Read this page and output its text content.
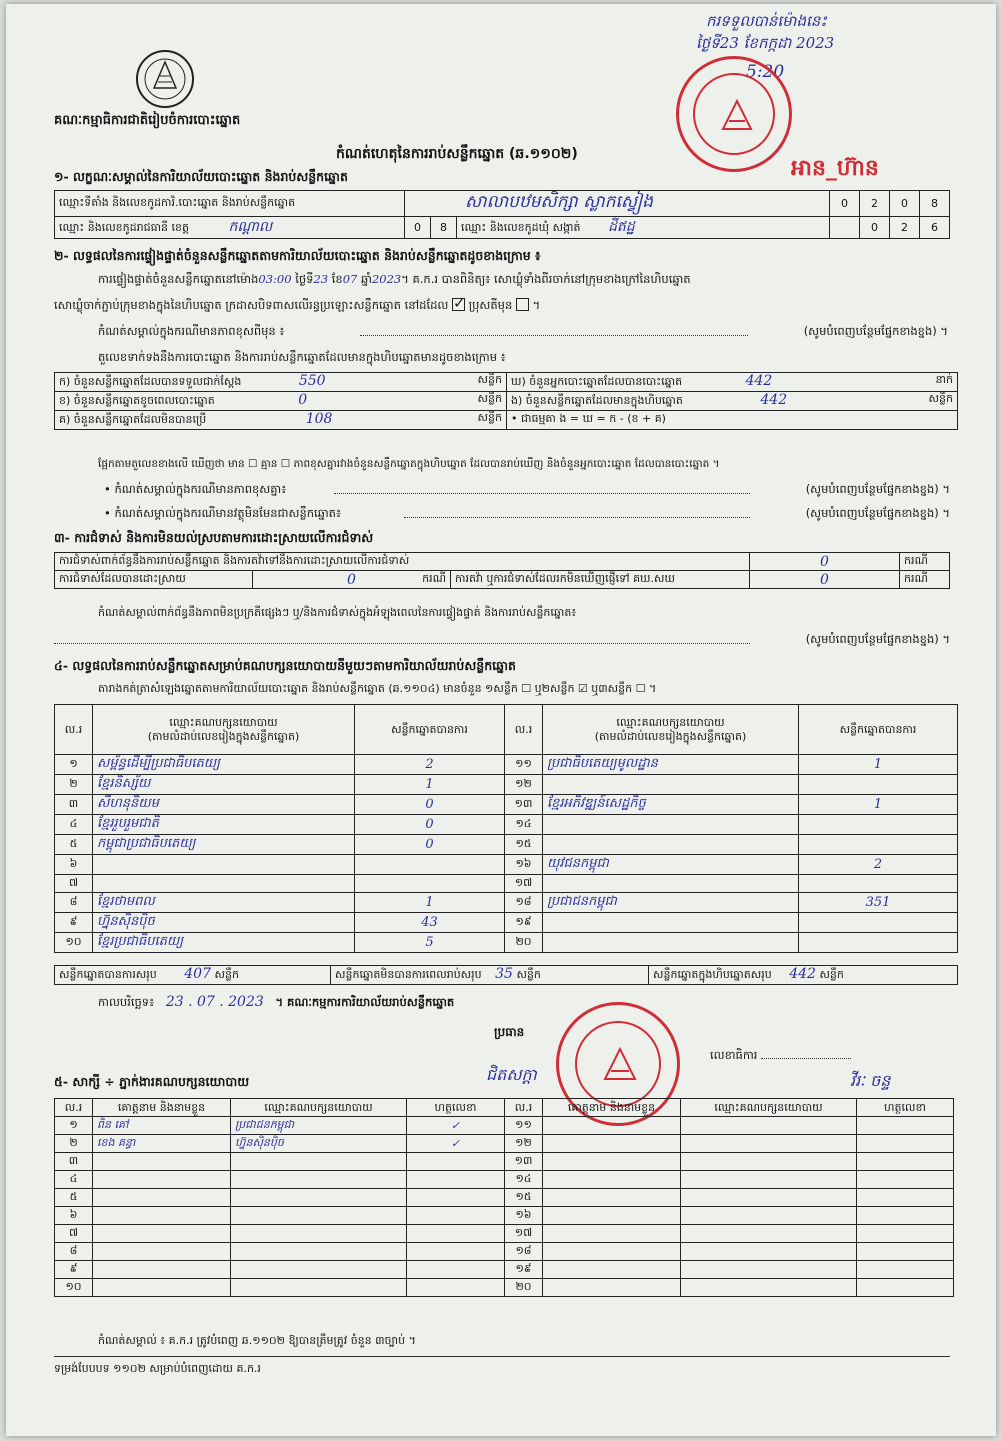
គណៈកម្មាធិការជាតិរៀបចំការបោះឆ្នោត
ករទទួលបាន់ម៉ោងនេះ
ថ្ងៃទី23 ខែកក្កដា 2023
5:20
អាន_ហ៊ាន
កំណត់ហេតុនៃការរាប់សន្លឹកឆ្នោត (ឆ.១១០២)
១- លក្ខណៈសម្គាល់នៃការិយាល័យបោះឆ្នោត និងរាប់សន្លឹកឆ្នោត
ឈ្មោះទីតាំង និងលេខកូដការិ.បោះឆ្នោត និងរាប់សន្លឹកឆ្នោត	សាលាបឋមសិក្សា ស្លាកស្វៀង			0	2	0	8
ឈ្មោះ និងលេខកូដរាជធានី ខេត្ត កណ្តាល	0	8	ឈ្មោះ និងលេខកូដឃុំ សង្កាត់ ដីឥដ្ឋ		0	2	6
២- លទ្ធផលនៃការផ្ទៀងផ្ទាត់ចំនួនសន្លឹកឆ្នោតតាមការិយាល័យបោះឆ្នោត និងរាប់សន្លឹកឆ្នោតដូចខាងក្រោម ៖
ការផ្ទៀងផ្ទាត់ចំនួនសន្លឹកឆ្នោតនៅម៉ោង03:00 ថ្ងៃទី23 ខែ07 ឆ្នាំ2023។ គ.ក.រ បានពិនិត្យ៖ សោឃ្លុំទាំងពីរចាក់នៅក្រុមខាងក្រៅនៃហិបឆ្នោត
សោឃ្លុំចាក់ភ្ជាប់ក្រុមខាងក្នុងនៃហិបឆ្នោត ក្រដាសបិទពាសលើរន្ធប្រឡោះសន្លឹកឆ្នោត នៅដដែល ✓ ប្រុសតីមុន  ។
កំណត់សម្គាល់ក្នុងករណីមានភាពខុសពីមុន ៖	(សូមបំពេញបន្ថែមផ្នែកខាងខ្នង) ។
តួលេខទាក់ទងនឹងការបោះឆ្នោត និងការរាប់សន្លឹកឆ្នោតដែលមានក្នុងហិបឆ្នោតមានដូចខាងក្រោម ៖
ក) ចំនួនសន្លឹកឆ្នោតដែលបានទទួលជាក់ស្តែង 550 សន្លឹក	ឃ) ចំនួនអ្នកបោះឆ្នោតដែលបានបោះឆ្នោត 442 នាក់

ខ) ចំនួនសន្លឹកឆ្នោតខូចពេលបោះឆ្នោត 0 សន្លឹក	ង) ចំនួនសន្លឹកឆ្នោតដែលមានក្នុងហិបឆ្នោត 442 សន្លឹក

គ) ចំនួនសន្លឹកឆ្នោតដែលមិនបានប្រើ 108 សន្លឹក	• ជាធម្មតា ង = ឃ = ក - (ខ + គ)
ផ្អែកតាមតួលេខខាងលើ ឃើញថា មាន ☐ គ្មាន ☐ ភាពខុសគ្នារវាងចំនួនសន្លឹកឆ្នោតក្នុងហិបឆ្នោត ដែលបានរាប់ឃើញ និងចំនួនអ្នកបោះឆ្នោត ដែលបានបោះឆ្នោត ។
• កំណត់សម្គាល់ក្នុងករណីមានភាពខុសគ្នា៖	(សូមបំពេញបន្ថែមផ្នែកខាងខ្នង) ។
• កំណត់សម្គាល់ក្នុងករណីមានវត្ថុមិនមែនជាសន្លឹកឆ្នោត៖	(សូមបំពេញបន្ថែមផ្នែកខាងខ្នង) ។
៣- ការជំទាស់ និងការមិនយល់ស្របតាមការដោះស្រាយលើការជំទាស់
ការជំទាស់ពាក់ព័ន្ធនឹងការរាប់សន្លឹកឆ្នោត និងការតវ៉ាទៅនឹងការដោះស្រាយលើការជំទាស់			0	ករណី
ការជំទាស់ដែលបានដោះស្រាយ	0 ករណី	ការតវ៉ា ឬការជំទាស់ដែលរកមិនឃើញផ្ញើទៅ គឃ.សឃ	0	ករណី
កំណត់សម្គាល់ពាក់ព័ន្ធនឹងភាពមិនប្រក្រតីផ្សេងៗ ឬ/និងការជំទាស់ក្នុងអំឡុងពេលនៃការផ្ទៀងផ្ទាត់ និងការរាប់សន្លឹកឆ្នោត៖
(សូមបំពេញបន្ថែមផ្នែកខាងខ្នង) ។
៤- លទ្ធផលនៃការរាប់សន្លឹកឆ្នោតសម្រាប់គណបក្សនយោបាយនីមួយៗតាមការិយាល័យរាប់សន្លឹកឆ្នោត
តារាងកត់ត្រាសំឡេងឆ្នោតតាមការិយាល័យបោះឆ្នោត និងរាប់សន្លឹកឆ្នោត (ឆ.១១០៤) មានចំនួន ១សន្លឹក ☐ ឬ២សន្លឹក ☑ ឬ៣សន្លឹក ☐ ។
ល.រ	ឈ្មោះគណបក្សនយោបាយ
(តាមលំដាប់លេខរៀងក្នុងសន្លឹកឆ្នោត)	សន្លឹកឆ្នោតបានការ	ល.រ	ឈ្មោះគណបក្សនយោបាយ
(តាមលំដាប់លេខរៀងក្នុងសន្លឹកឆ្នោត)	សន្លឹកឆ្នោតបានការ
១	សម្ព័ន្ធដើម្បីប្រជាធិបតេយ្យ	2	១១	ប្រជាធិបតេយ្យមូលដ្ឋាន	1
២	ខ្មែរនិស្ស័យ	1	១២		
៣	សីហនុនិយម	0	១៣	ខ្មែរអភិវឌ្ឍន៍សេដ្ឋកិច្ច	1
៤	ខ្មែររួបរួមជាតិ	0	១៤		
៥	កម្ពុជាប្រជាធិបតេយ្យ	0	១៥		
៦			១៦	យុវជនកម្ពុជា	2
៧			១៧		
៨	ខ្មែរថាមពល	1	១៨	ប្រជាជនកម្ពុជា	351
៩	ហ្វ៊ុនស៊ិនប៉ិច	43	១៩		
១០	ខ្មែរប្រជាធិបតេយ្យ	5	២០		
សន្លឹកឆ្នោតបានការសរុប 407 សន្លឹក	សន្លឹកឆ្នោតមិនបានការពេលរាប់សរុប 35 សន្លឹក	សន្លឹកឆ្នោតក្នុងហិបឆ្នោតសរុប 442 សន្លឹក
កាលបរិច្ឆេទ៖ 23 . 07 . 2023 ។ គណៈកម្មការការិយាល័យរាប់សន្លឹកឆ្នោត
ប្រធាន
ជិតសក្តា
លេខាធិការ
វីរៈ ចន្ទ
៥- សាក្សី ÷ ភ្នាក់ងារគណបក្សនយោបាយ
ល.រ	គោត្តនាម និងនាមខ្លួន	ឈ្មោះគណបក្សនយោបាយ	ហត្ថលេខា	ល.រ	គោត្តនាម និងនាមខ្លួន	ឈ្មោះគណបក្សនយោបាយ	ហត្ថលេខា
១	ពិន គៅ	ប្រជាជនកម្ពុជា	✓	១១			
២	ខេង គន្ធា	ហ្វ៊ុនស៊ិនប៉ិច	✓	១២			
៣				១៣			
៤				១៤			
៥				១៥			
៦				១៦			
៧				១៧			
៨				១៨			
៩				១៩			
១០				២០			
កំណត់សម្គាល់ ៖ គ.ក.រ ត្រូវបំពេញ ឆ.១១០២ ឱ្យបានត្រឹមត្រូវ ចំនួន ៣ច្បាប់ ។
ទម្រង់បែបបទ ១១០២ សម្រាប់បំពេញដោយ គ.ក.រ
